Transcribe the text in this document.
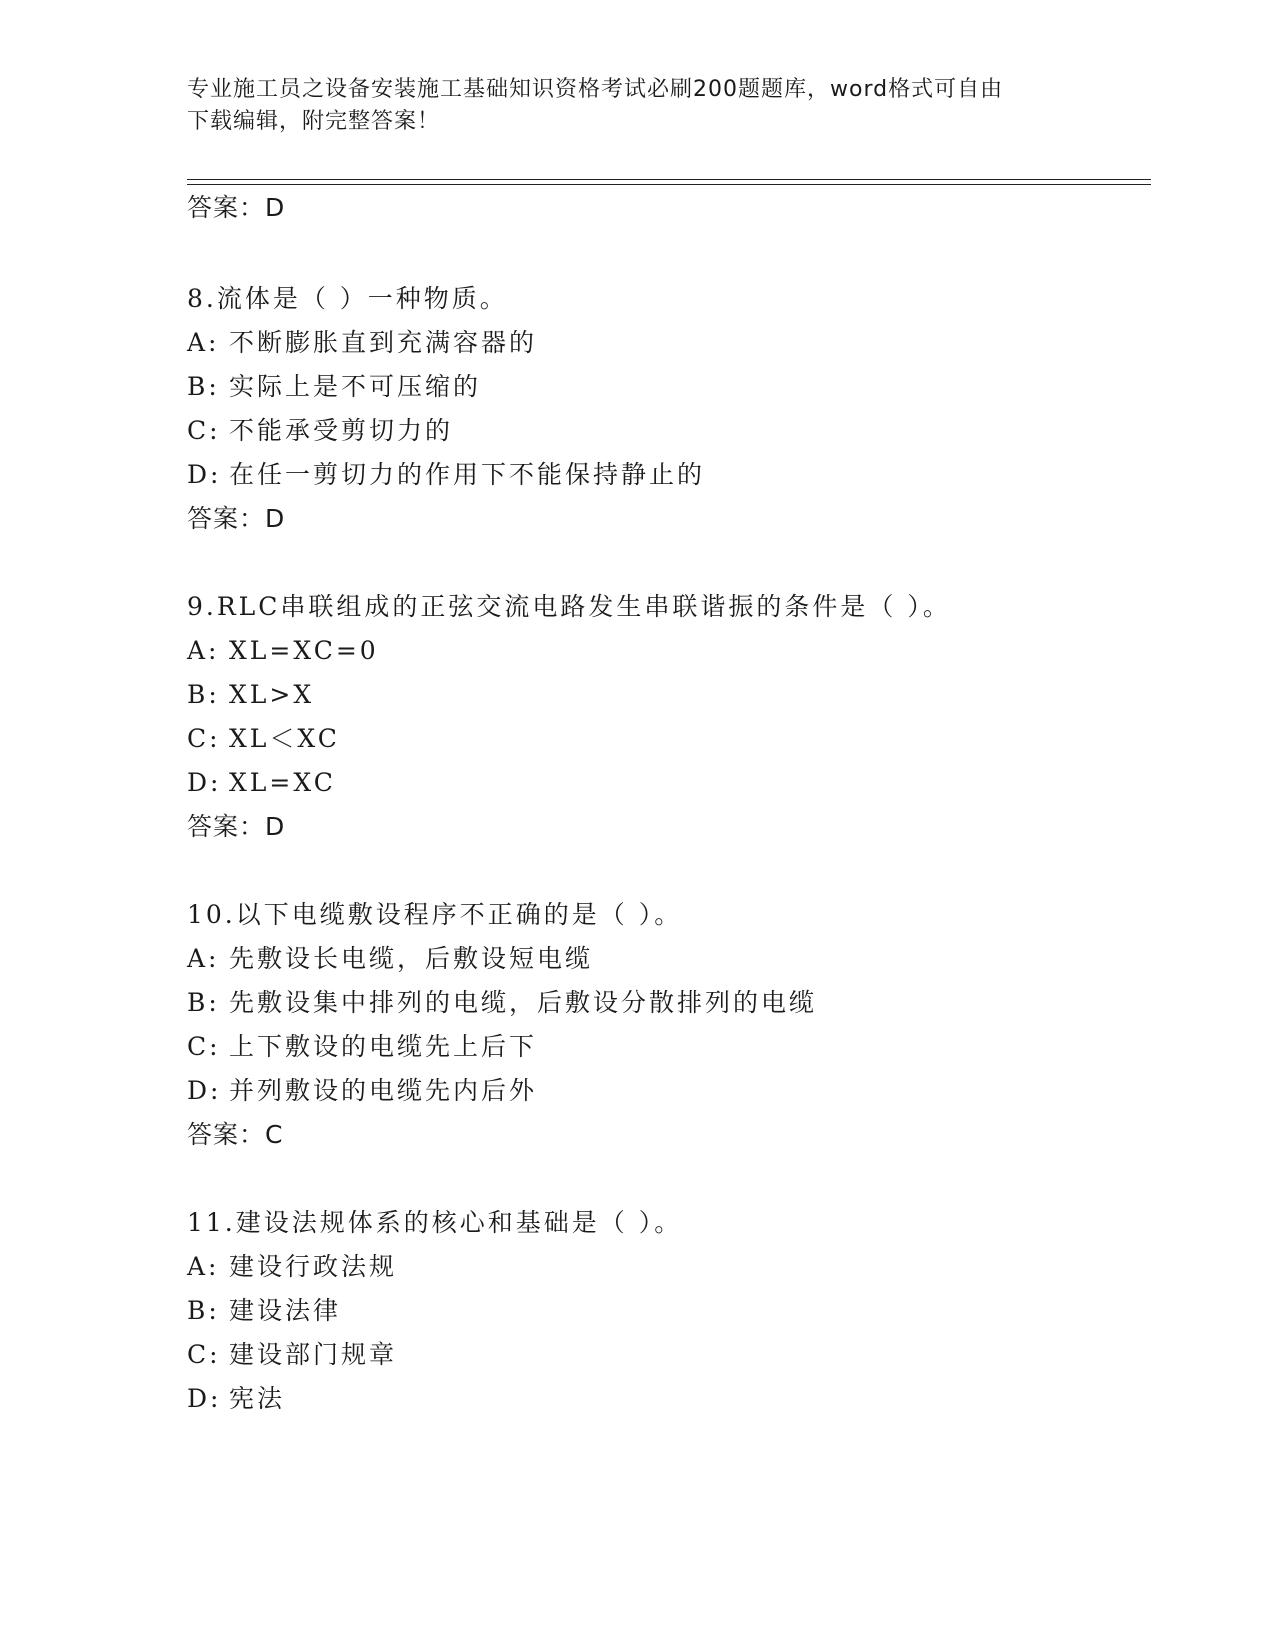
专业施工员之设备安装施工基础知识资格考试必刷200题题库，word格式可自由
下载编辑，附完整答案！
答案：D
8.流体是（ ）一种物质。
A: 不断膨胀直到充满容器的
B: 实际上是不可压缩的
C: 不能承受剪切力的
D: 在任一剪切力的作用下不能保持静止的
答案：D
9.RLC串联组成的正弦交流电路发生串联谐振的条件是（ ）。
A: XL=XC=0
B: XL>X
C: XL＜XC
D: XL=XC
答案：D
10.以下电缆敷设程序不正确的是（ ）。
A: 先敷设长电缆，后敷设短电缆
B: 先敷设集中排列的电缆，后敷设分散排列的电缆
C: 上下敷设的电缆先上后下
D: 并列敷设的电缆先内后外
答案：C
11.建设法规体系的核心和基础是（ ）。
A: 建设行政法规
B: 建设法律
C: 建设部门规章
D: 宪法
